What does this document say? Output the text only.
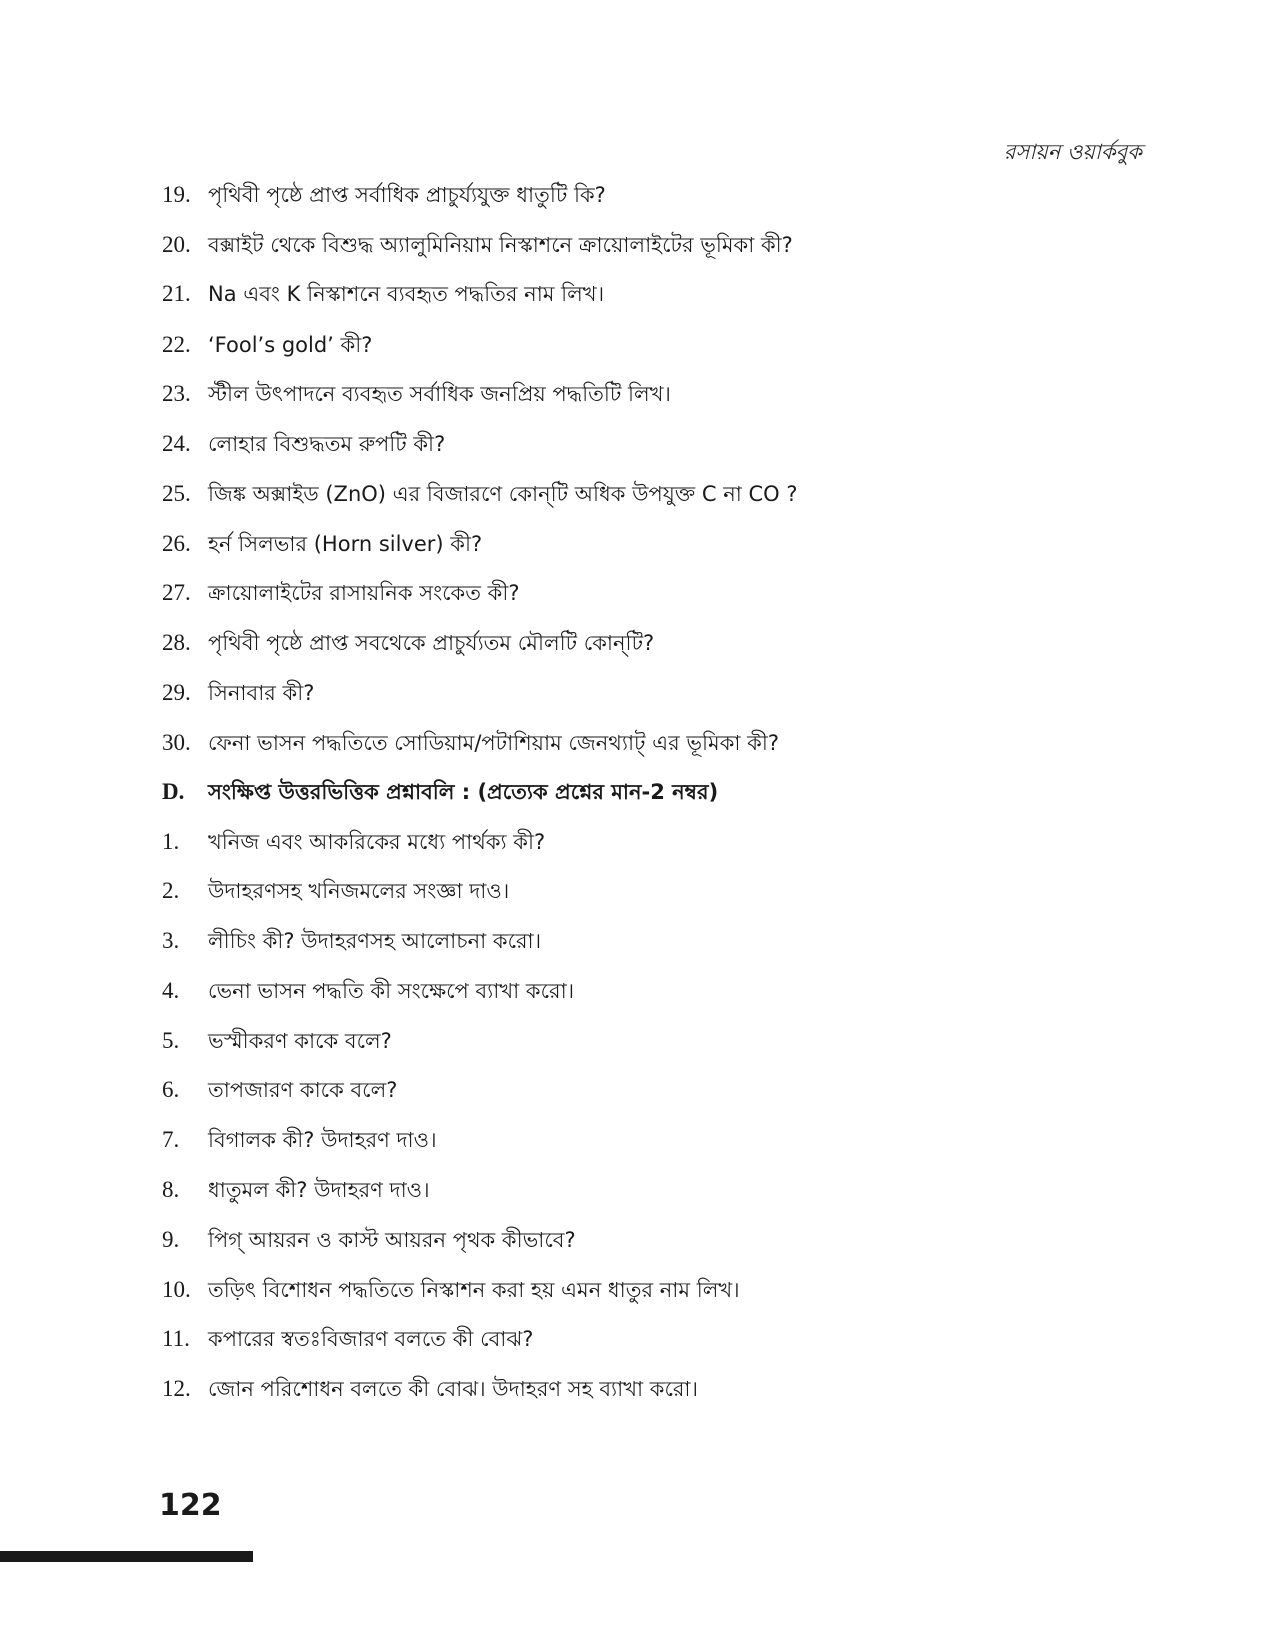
রসায়ন ওয়ার্কবুক
19. পৃথিবী পৃষ্ঠে প্রাপ্ত সর্বাধিক প্রাচুর্য্যযুক্ত ধাতুটি কি?
20. বক্সাইট থেকে বিশুদ্ধ অ্যালুমিনিয়াম নিস্কাশনে ক্রায়োলাইটের ভূমিকা কী?
21. Na এবং K নিস্কাশনে ব্যবহৃত পদ্ধতির নাম লিখ।
22. ‘Fool’s gold’ কী?
23. স্টীল উৎপাদনে ব্যবহৃত সর্বাধিক জনপ্রিয় পদ্ধতিটি লিখ।
24. লোহার বিশুদ্ধতম রুপটি কী?
25. জিঙ্ক অক্সাইড (ZnO) এর বিজারণে কোন্‌টি অধিক উপযুক্ত C না CO ?
26. হর্ন সিলভার (Horn silver) কী?
27. ক্রায়োলাইটের রাসায়নিক সংকেত কী?
28. পৃথিবী পৃষ্ঠে প্রাপ্ত সবথেকে প্রাচুর্য্যতম মৌলটি কোন্‌টি?
29. সিনাবার কী?
30. ফেনা ভাসন পদ্ধতিতে সোডিয়াম/পটাশিয়াম জেনথ্যাট্‌ এর ভূমিকা কী?
D.	সংক্ষিপ্ত উত্তরভিত্তিক প্রশ্নাবলি : (প্রত্যেক প্রশ্নের মান-2 নম্বর)
1.	খনিজ এবং আকরিকের মধ্যে পার্থক্য কী?
2.	উদাহরণসহ খনিজমলের সংজ্ঞা দাও।
3.	লীচিং কী? উদাহরণসহ আলোচনা করো।
4.	ভেনা ভাসন পদ্ধতি কী সংক্ষেপে ব্যাখা করো।
5.	ভস্মীকরণ কাকে বলে?
6.	তাপজারণ কাকে বলে?
7.	বিগালক কী? উদাহরণ দাও।
8.	ধাতুমল কী? উদাহরণ দাও।
9.	পিগ্‌ আয়রন ও কাস্ট আয়রন পৃথক কীভাবে?
10. তড়িৎ বিশোধন পদ্ধতিতে নিস্কাশন করা হয় এমন ধাতুর নাম লিখ।
11. কপারের স্বতঃবিজারণ বলতে কী বোঝ?
12. জোন পরিশোধন বলতে কী বোঝ। উদাহরণ সহ ব্যাখা করো।
122
